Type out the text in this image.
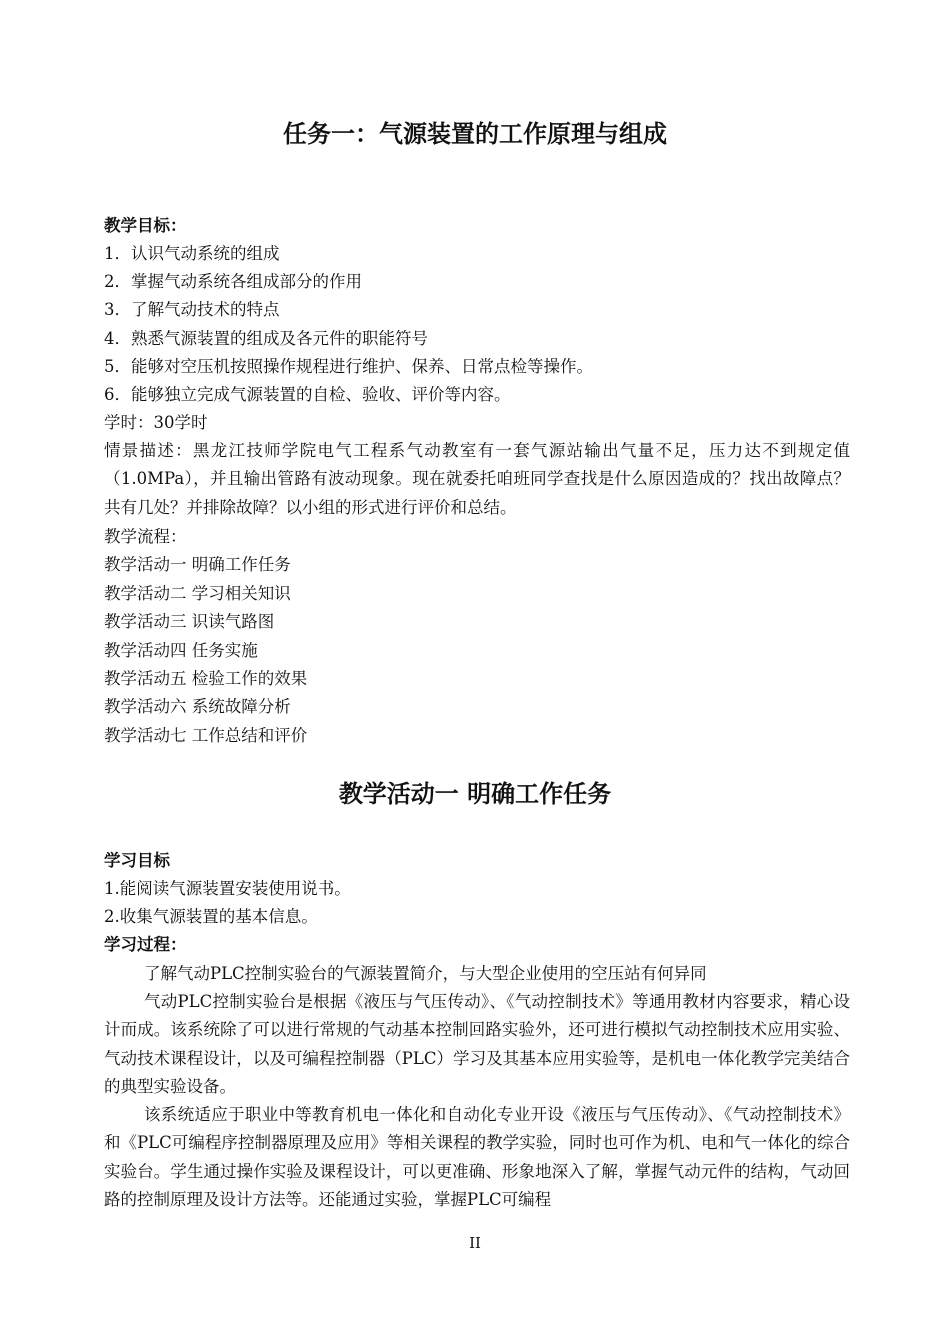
任务一：气源装置的工作原理与组成
教学目标：
1．认识气动系统的组成
2．掌握气动系统各组成部分的作用
3．了解气动技术的特点
4．熟悉气源装置的组成及各元件的职能符号
5．能够对空压机按照操作规程进行维护、保养、日常点检等操作。
6．能够独立完成气源装置的自检、验收、评价等内容。
学时：30学时
情景描述：黑龙江技师学院电气工程系气动教室有一套气源站输出气量不足，压力达不到规定值（1.0MPa），并且输出管路有波动现象。现在就委托咱班同学查找是什么原因造成的？找出故障点？共有几处？并排除故障？以小组的形式进行评价和总结。
教学流程：
教学活动一 明确工作任务
教学活动二 学习相关知识
教学活动三 识读气路图
教学活动四 任务实施
教学活动五 检验工作的效果
教学活动六 系统故障分析
教学活动七 工作总结和评价
教学活动一 明确工作任务
学习目标
1.能阅读气源装置安装使用说书。
2.收集气源装置的基本信息。
学习过程：
了解气动PLC控制实验台的气源装置简介，与大型企业使用的空压站有何异同
气动PLC控制实验台是根据《液压与气压传动》、《气动控制技术》等通用教材内容要求，精心设计而成。该系统除了可以进行常规的气动基本控制回路实验外，还可进行模拟气动控制技术应用实验、气动技术课程设计，以及可编程控制器（PLC）学习及其基本应用实验等，是机电一体化教学完美结合的典型实验设备。
该系统适应于职业中等教育机电一体化和自动化专业开设《液压与气压传动》、《气动控制技术》和《PLC可编程序控制器原理及应用》等相关课程的教学实验，同时也可作为机、电和气一体化的综合实验台。学生通过操作实验及课程设计，可以更准确、形象地深入了解，掌握气动元件的结构，气动回路的控制原理及设计方法等。还能通过实验，掌握PLC可编程
II
